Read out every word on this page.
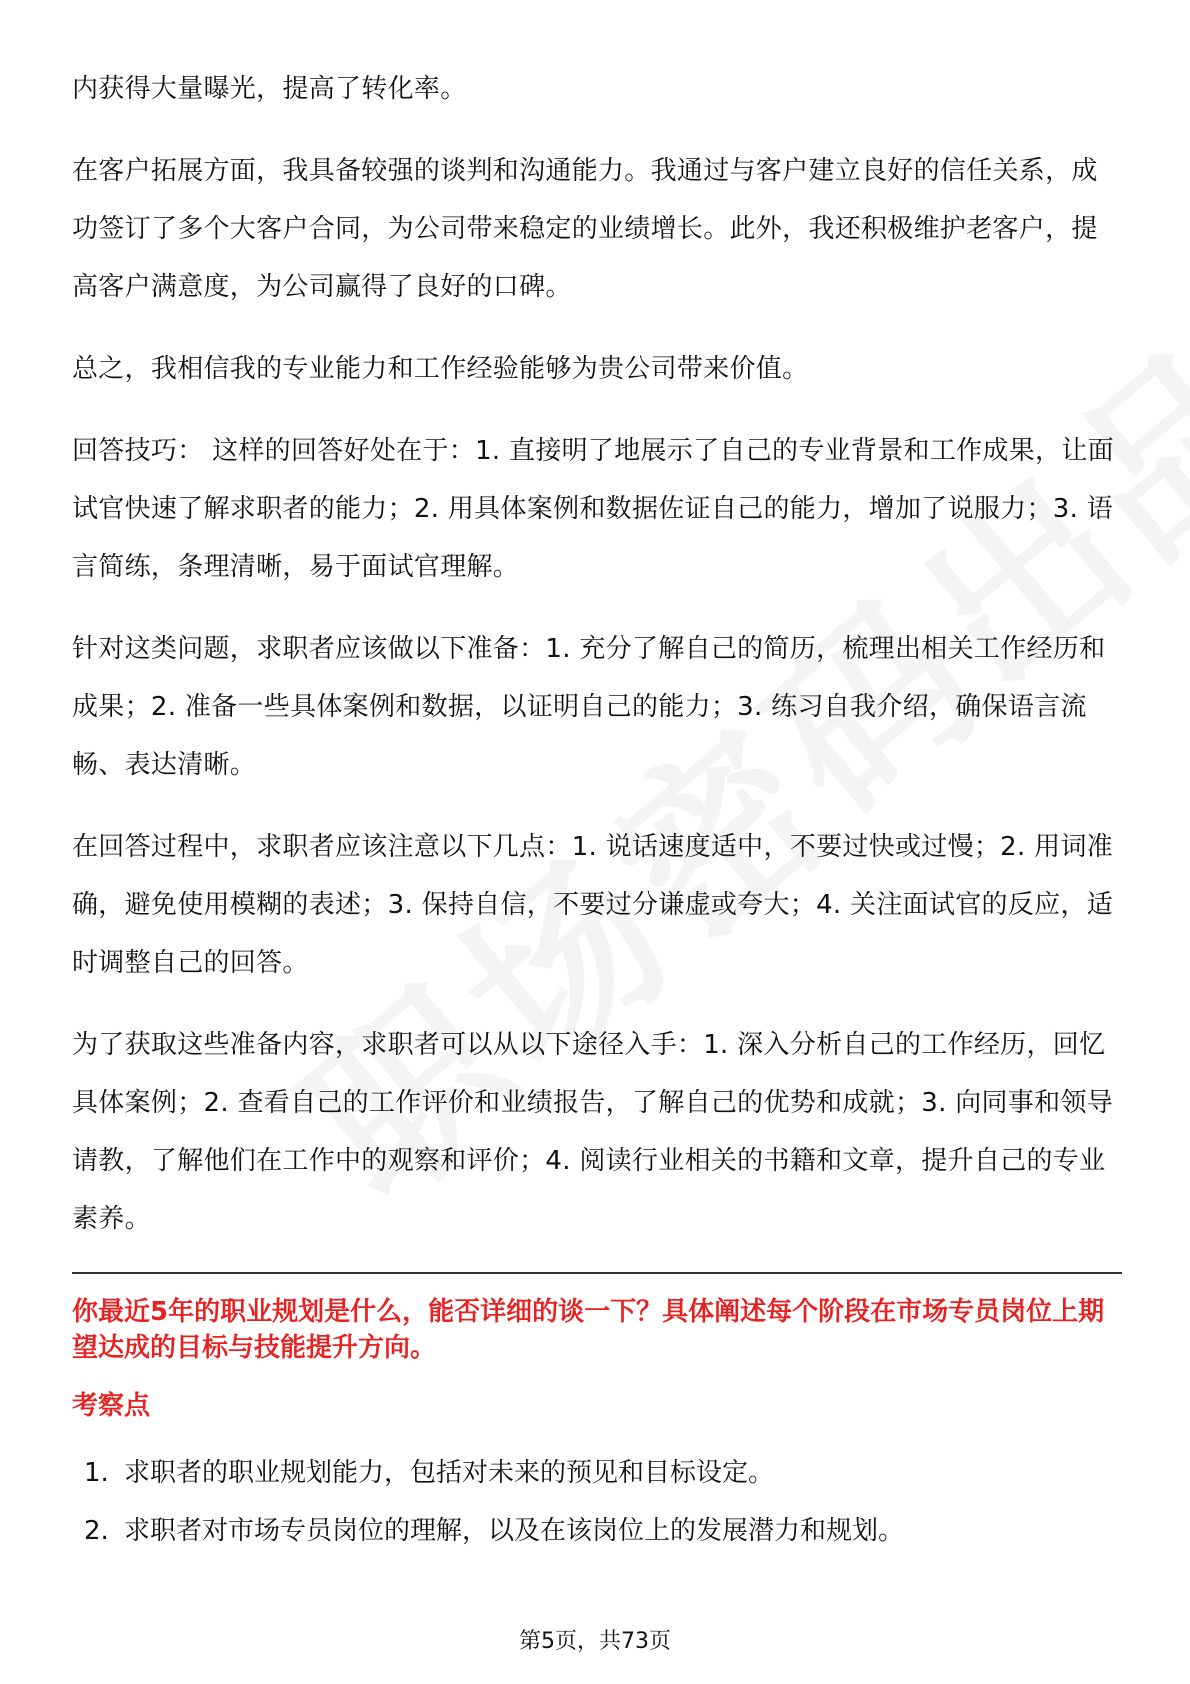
内获得大量曝光，提高了转化率。

在客户拓展方面，我具备较强的谈判和沟通能力。我通过与客户建立良好的信任关系，成功签订了多个大客户合同，为公司带来稳定的业绩增长。此外，我还积极维护老客户，提高客户满意度，为公司赢得了良好的口碑。

总之，我相信我的专业能力和工作经验能够为贵公司带来价值。

回答技巧： 这样的回答好处在于：1. 直接明了地展示了自己的专业背景和工作成果，让面试官快速了解求职者的能力；2. 用具体案例和数据佐证自己的能力，增加了说服力；3. 语言简练，条理清晰，易于面试官理解。

针对这类问题，求职者应该做以下准备：1. 充分了解自己的简历，梳理出相关工作经历和成果；2. 准备一些具体案例和数据，以证明自己的能力；3. 练习自我介绍，确保语言流畅、表达清晰。

在回答过程中，求职者应该注意以下几点：1. 说话速度适中，不要过快或过慢；2. 用词准确，避免使用模糊的表述；3. 保持自信，不要过分谦虚或夸大；4. 关注面试官的反应，适时调整自己的回答。

为了获取这些准备内容，求职者可以从以下途径入手：1. 深入分析自己的工作经历，回忆具体案例；2. 查看自己的工作评价和业绩报告，了解自己的优势和成就；3. 向同事和领导请教，了解他们在工作中的观察和评价；4. 阅读行业相关的书籍和文章，提升自己的专业素养。

你最近5年的职业规划是什么，能否详细的谈一下？具体阐述每个阶段在市场专员岗位上期望达成的目标与技能提升方向。

考察点
1. 求职者的职业规划能力，包括对未来的预见和目标设定。
2. 求职者对市场专员岗位的理解，以及在该岗位上的发展潜力和规划。
第5页，共73页
